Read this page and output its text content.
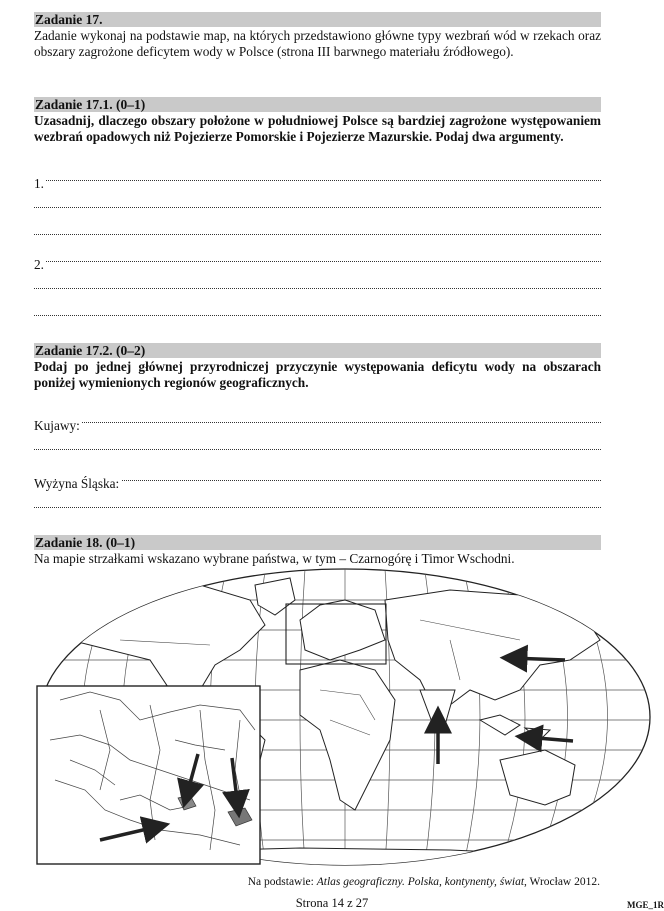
Zadanie 17.
Zadanie wykonaj na podstawie map, na których przedstawiono główne typy wezbrań wód w rzekach oraz obszary zagrożone deficytem wody w Polsce (strona III barwnego materiału źródłowego).
Zadanie 17.1. (0–1)
Uzasadnij, dlaczego obszary położone w południowej Polsce są bardziej zagrożone występowaniem wezbrań opadowych niż Pojezierze Pomorskie i Pojezierze Mazurskie. Podaj dwa argumenty.
1.
2.
Zadanie 17.2. (0–2)
Podaj po jednej głównej przyrodniczej przyczynie występowania deficytu wody na obszarach poniżej wymienionych regionów geograficznych.
Kujawy:
Wyżyna Śląska:
Zadanie 18. (0–1)
Na mapie strzałkami wskazano wybrane państwa, w tym – Czarnogórę i Timor Wschodni.
Na podstawie: Atlas geograficzny. Polska, kontynenty, świat, Wrocław 2012.
Strona 14 z 27	MGE_1R
